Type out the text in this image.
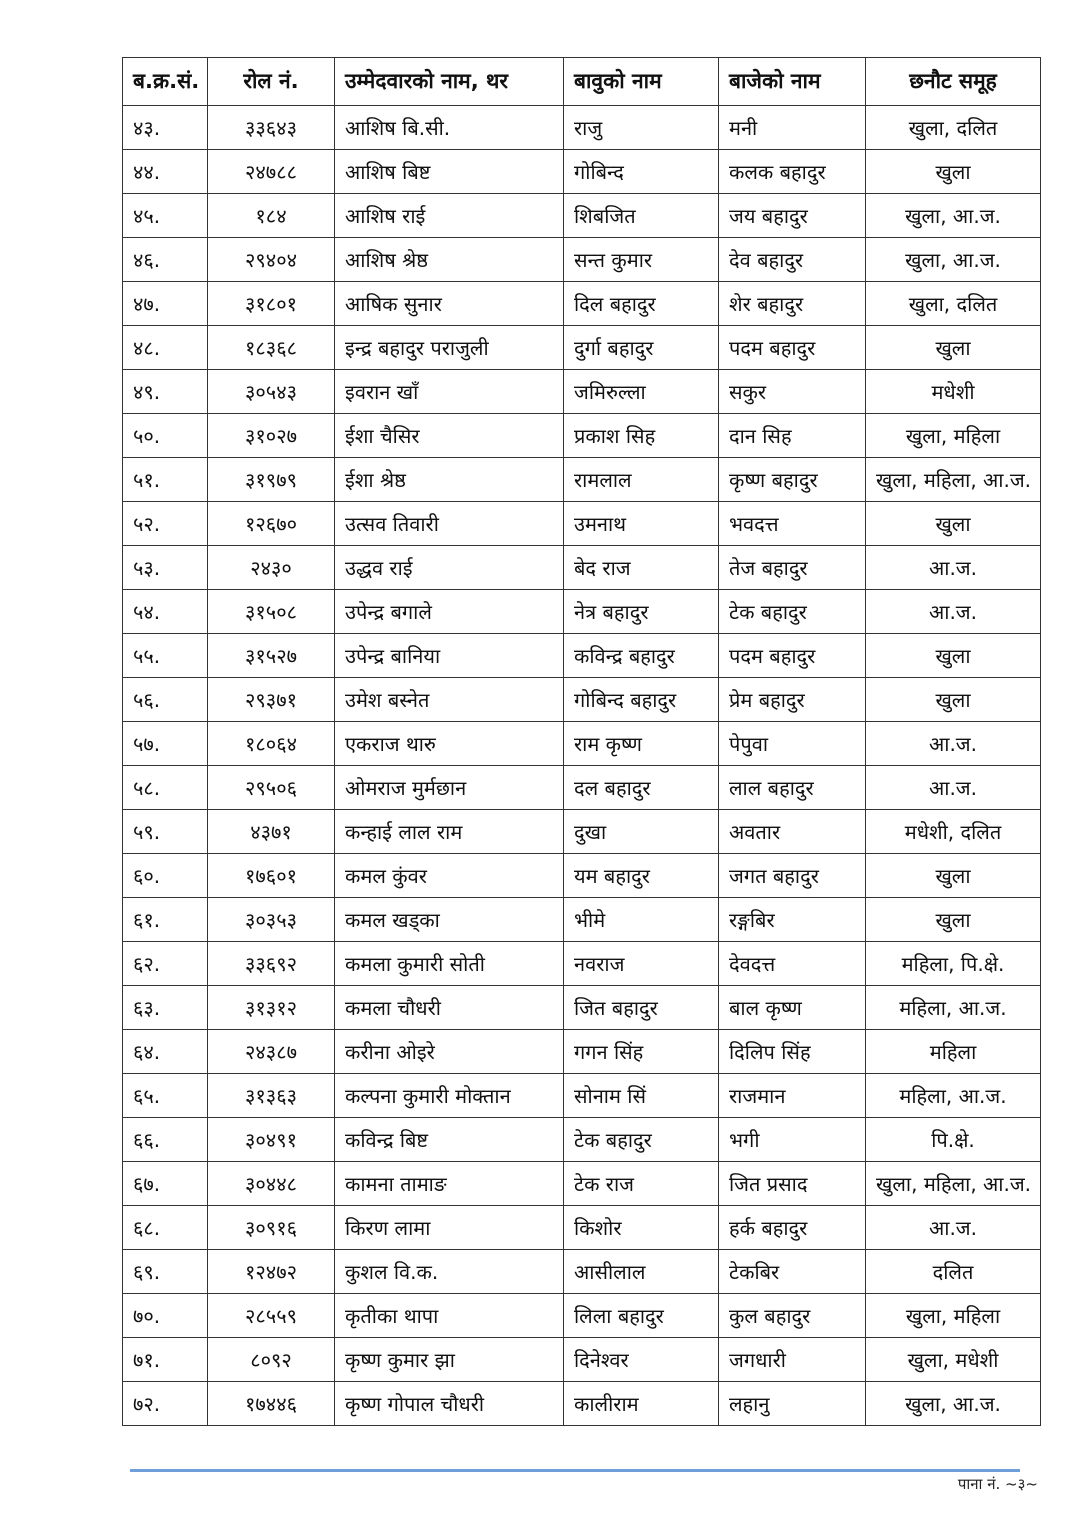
ब.क्र.सं.	रोल नं.	उम्मेदवारको नाम, थर	बावुको नाम	बाजेको नाम	छनौट समूह
४३.	३३६४३	आशिष बि.सी.	राजु	मनी	खुला, दलित
४४.	२४७८८	आशिष बिष्ट	गोबिन्द	कलक बहादुर	खुला
४५.	१८४	आशिष राई	शिबजित	जय बहादुर	खुला, आ.ज.
४६.	२९४०४	आशिष श्रेष्ठ	सन्त कुमार	देव बहादुर	खुला, आ.ज.
४७.	३१८०१	आषिक सुनार	दिल बहादुर	शेर बहादुर	खुला, दलित
४८.	१८३६८	इन्द्र बहादुर पराजुली	दुर्गा बहादुर	पदम बहादुर	खुला
४९.	३०५४३	इवरान खाँ	जमिरुल्ला	सकुर	मधेशी
५०.	३१०२७	ईशा चैसिर	प्रकाश सिह	दान सिह	खुला, महिला
५१.	३१९७९	ईशा श्रेष्ठ	रामलाल	कृष्ण बहादुर	खुला, महिला, आ.ज.
५२.	१२६७०	उत्सव तिवारी	उमनाथ	भवदत्त	खुला
५३.	२४३०	उद्धव राई	बेद राज	तेज बहादुर	आ.ज.
५४.	३१५०८	उपेन्द्र बगाले	नेत्र बहादुर	टेक बहादुर	आ.ज.
५५.	३१५२७	उपेन्द्र बानिया	कविन्द्र बहादुर	पदम बहादुर	खुला
५६.	२९३७१	उमेश बस्नेत	गोबिन्द बहादुर	प्रेम बहादुर	खुला
५७.	१८०६४	एकराज थारु	राम कृष्ण	पेपुवा	आ.ज.
५८.	२९५०६	ओमराज मुर्मछान	दल बहादुर	लाल बहादुर	आ.ज.
५९.	४३७१	कन्हाई लाल राम	दुखा	अवतार	मधेशी, दलित
६०.	१७६०१	कमल कुंवर	यम बहादुर	जगत बहादुर	खुला
६१.	३०३५३	कमल खड्का	भीमे	रङ्गबिर	खुला
६२.	३३६९२	कमला कुमारी सोती	नवराज	देवदत्त	महिला, पि.क्षे.
६३.	३१३१२	कमला चौधरी	जित बहादुर	बाल कृष्ण	महिला, आ.ज.
६४.	२४३८७	करीना ओइरे	गगन सिंह	दिलिप सिंह	महिला
६५.	३१३६३	कल्पना कुमारी मोक्तान	सोनाम सिं	राजमान	महिला, आ.ज.
६६.	३०४९१	कविन्द्र बिष्ट	टेक बहादुर	भगी	पि.क्षे.
६७.	३०४४८	कामना तामाङ	टेक राज	जित प्रसाद	खुला, महिला, आ.ज.
६८.	३०९१६	किरण लामा	किशोर	हर्क बहादुर	आ.ज.
६९.	१२४७२	कुशल वि.क.	आसीलाल	टेकबिर	दलित
७०.	२८५५९	कृतीका थापा	लिला बहादुर	कुल बहादुर	खुला, महिला
७१.	८०९२	कृष्ण कुमार झा	दिनेश्वर	जगधारी	खुला, मधेशी
७२.	१७४४६	कृष्ण गोपाल चौधरी	कालीराम	लहानु	खुला, आ.ज.
पाना नं. ~३~
